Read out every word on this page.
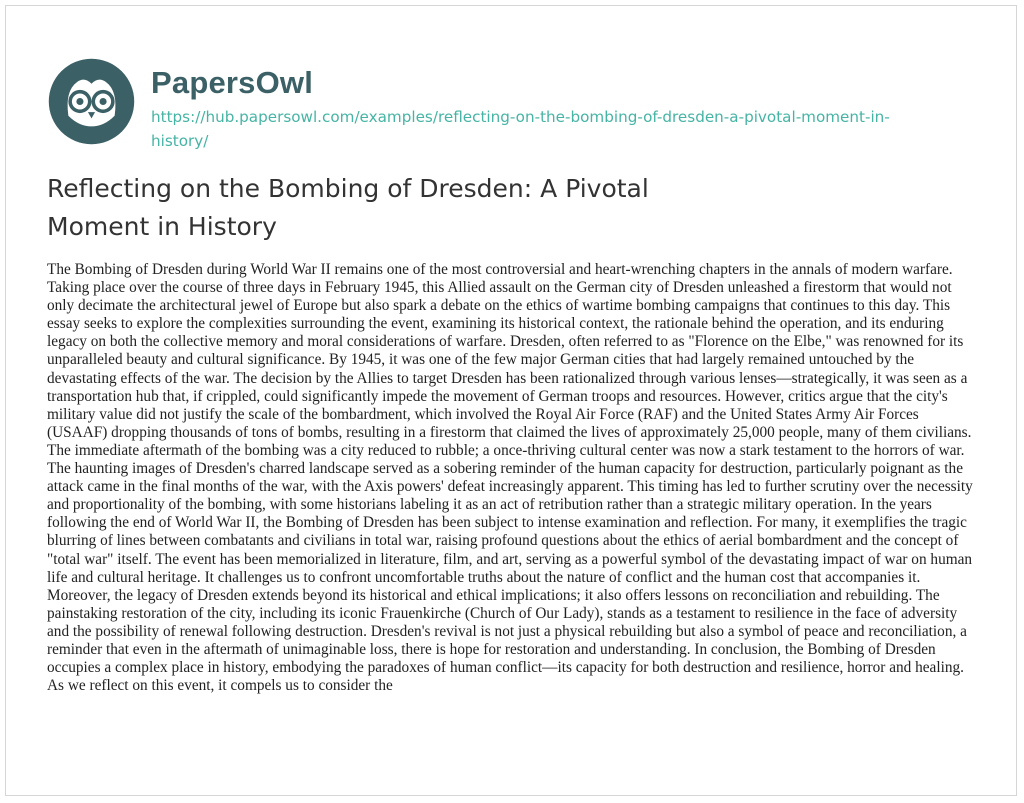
PapersOwl
https://hub.papersowl.com/examples/reflecting-on-the-bombing-of-dresden-a-pivotal-moment-in-history/
Reflecting on the Bombing of Dresden: A Pivotal Moment in History

The Bombing of Dresden during World War II remains one of the most controversial and heart-wrenching chapters in the annals of modern warfare. Taking place over the course of three days in February 1945, this Allied assault on the German city of Dresden unleashed a firestorm that would not only decimate the architectural jewel of Europe but also spark a debate on the ethics of wartime bombing campaigns that continues to this day. This essay seeks to explore the complexities surrounding the event, examining its historical context, the rationale behind the operation, and its enduring legacy on both the collective memory and moral considerations of warfare. Dresden, often referred to as "Florence on the Elbe," was renowned for its unparalleled beauty and cultural significance. By 1945, it was one of the few major German cities that had largely remained untouched by the devastating effects of the war. The decision by the Allies to target Dresden has been rationalized through various lenses—strategically, it was seen as a transportation hub that, if crippled, could significantly impede the movement of German troops and resources. However, critics argue that the city's military value did not justify the scale of the bombardment, which involved the Royal Air Force (RAF) and the United States Army Air Forces (USAAF) dropping thousands of tons of bombs, resulting in a firestorm that claimed the lives of approximately 25,000 people, many of them civilians. The immediate aftermath of the bombing was a city reduced to rubble; a once-thriving cultural center was now a stark testament to the horrors of war. The haunting images of Dresden's charred landscape served as a sobering reminder of the human capacity for destruction, particularly poignant as the attack came in the final months of the war, with the Axis powers' defeat increasingly apparent. This timing has led to further scrutiny over the necessity and proportionality of the bombing, with some historians labeling it as an act of retribution rather than a strategic military operation. In the years following the end of World War II, the Bombing of Dresden has been subject to intense examination and reflection. For many, it exemplifies the tragic blurring of lines between combatants and civilians in total war, raising profound questions about the ethics of aerial bombardment and the concept of "total war" itself. The event has been memorialized in literature, film, and art, serving as a powerful symbol of the devastating impact of war on human life and cultural heritage. It challenges us to confront uncomfortable truths about the nature of conflict and the human cost that accompanies it. Moreover, the legacy of Dresden extends beyond its historical and ethical implications; it also offers lessons on reconciliation and rebuilding. The painstaking restoration of the city, including its iconic Frauenkirche (Church of Our Lady), stands as a testament to resilience in the face of adversity and the possibility of renewal following destruction. Dresden's revival is not just a physical rebuilding but also a symbol of peace and reconciliation, a reminder that even in the aftermath of unimaginable loss, there is hope for restoration and understanding. In conclusion, the Bombing of Dresden occupies a complex place in history, embodying the paradoxes of human conflict—its capacity for both destruction and resilience, horror and healing. As we reflect on this event, it compels us to consider the
